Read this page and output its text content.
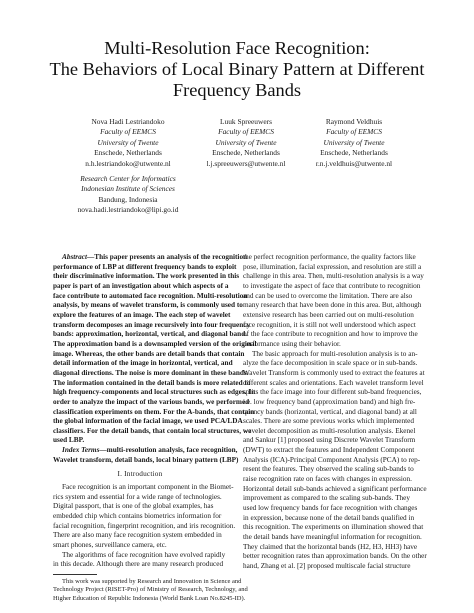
Multi-Resolution Face Recognition:
The Behaviors of Local Binary Pattern at Different
Frequency Bands
Nova Hadi Lestriandoko
Faculty of EEMCS
University of Twente
Enschede, Netherlands
n.h.lestriandoko@utwente.nl
Luuk Spreeuwers
Faculty of EEMCS
University of Twente
Enschede, Netherlands
l.j.spreeuwers@utwente.nl
Raymond Veldhuis
Faculty of EEMCS
University of Twente
Enschede, Netherlands
r.n.j.veldhuis@utwente.nl
Research Center for Informatics
Indonesian Institute of Sciences
Bandung, Indonesia
nova.hadi.lestriandoko@lipi.go.id
Abstract—This paper presents an analysis of the recognition
performance of LBP at different frequency bands to exploit
their discriminative information. The work presented in this
paper is part of an investigation about which aspects of a
face contribute to automated face recognition. Multi-resolution
analysis, by means of wavelet transform, is commonly used to
explore the features of an image. The each step of wavelet
transform decomposes an image recursively into four frequency
bands: approximation, horizontal, vertical, and diagonal band.
The approximation band is a downsampled version of the original
image. Whereas, the other bands are detail bands that contain
detail information of the image in horizontal, vertical, and
diagonal directions. The noise is more dominant in these bands.
The information contained in the detail bands is more related to
high frequency-components and local structures such as edges. In
order to analyze the impact of the various bands, we performed
classification experiments on them. For the A-bands, that contain
the global information of the facial image, we used PCA/LDA
classifiers. For the detail bands, that contain local structures, we
used LBP.
Index Terms—multi-resolution analysis, face recognition,
Wavelet transform, detail bands, local binary pattern (LBP)
I. Introduction
Face recognition is an important component in the Biomet-
rics system and essential for a wide range of technologies.
Digital passport, that is one of the global examples, has
embedded chip which contains biometrics information for
facial recognition, fingerprint recognition, and iris recognition.
There are also many face recognition system embedded in
smart phones, surveillance camera, etc.
The algorithms of face recognition have evolved rapidly
in this decade. Although there are many research produced
This work was supported by Research and Innovation in Science and
Technology Project (RISET-Pro) of Ministry of Research, Technology, and
Higher Education of Republic Indonesia (World Bank Loan No.8245-ID).
the perfect recognition performance, the quality factors like
pose, illumination, facial expression, and resolution are still a
challenge in this area. Then, multi-resolution analysis is a way
to investigate the aspect of face that contribute to recognition
and can be used to overcome the limitation. There are also
many research that have been done in this area. But, although
extensive research has been carried out on multi-resolution
face recognition, it is still not well understood which aspect
of the face contribute to recognition and how to improve the
performance using their behavior.
The basic approach for multi-resolution analysis is to an-
alyze the face decomposition in scale space or in sub-bands.
Wavelet Transform is commonly used to extract the features at
different scales and orientations. Each wavelet transform level
splits the face image into four different sub-band frequencies,
i.e. low frequency band (approximation band) and high fre-
quency bands (horizontal, vertical, and diagonal band) at all
scales. There are some previous works which implemented
wavelet decomposition as multi-resolution analysis. Ekenel
and Sankur [1] proposed using Discrete Wavelet Transform
(DWT) to extract the features and Independent Component
Analysis (ICA)-Principal Component Analysis (PCA) to rep-
resent the features. They observed the scaling sub-bands to
raise recognition rate on faces with changes in expression.
Horizontal detail sub-bands achieved a significant performance
improvement as compared to the scaling sub-bands. They
used low frequency bands for face recognition with changes
in expression, because none of the detail bands qualified in
this recognition. The experiments on illumination showed that
the detail bands have meaningful information for recognition.
They claimed that the horizontal bands (H2, H3, HH3) have
better recognition rates than approximation bands. On the other
hand, Zhang et al. [2] proposed multiscale facial structure
